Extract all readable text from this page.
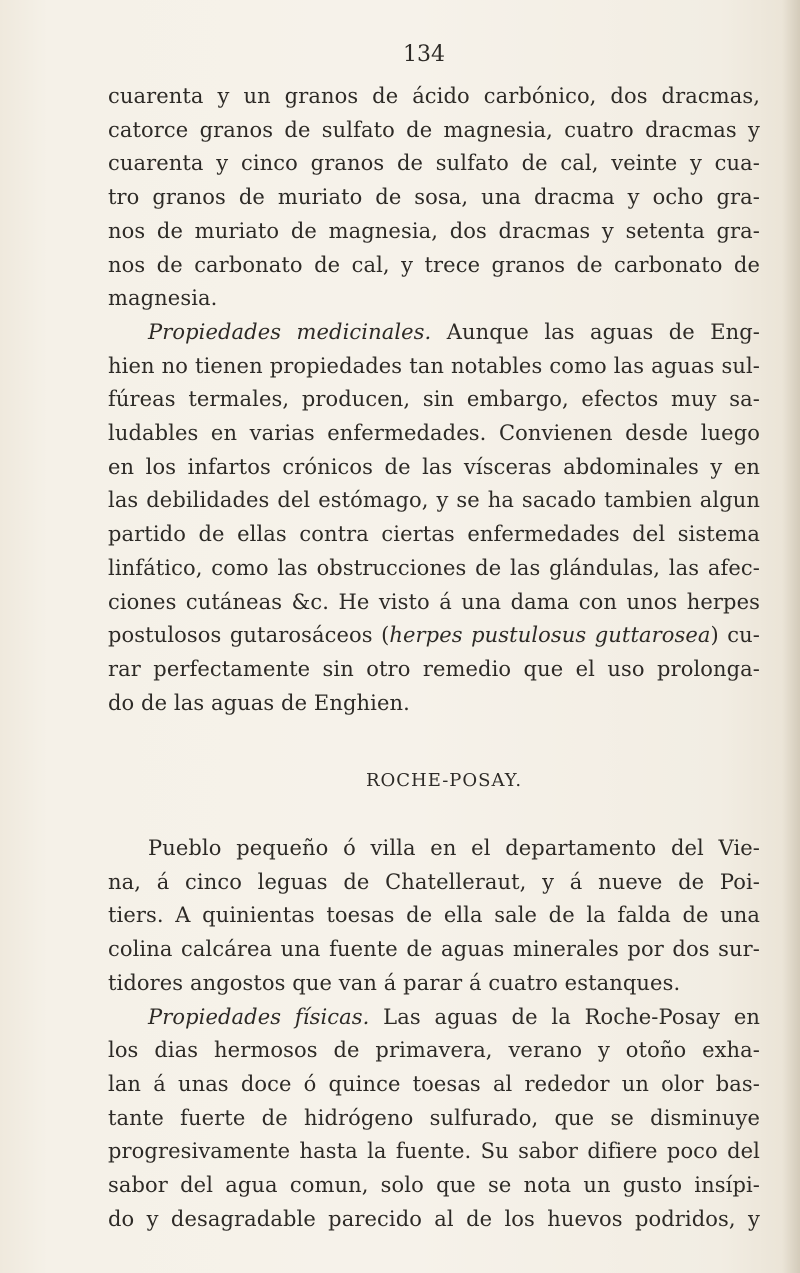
134
cuarenta y un granos de ácido carbónico, dos dracmas,
catorce granos de sulfato de magnesia, cuatro dracmas y
cuarenta y cinco granos de sulfato de cal, veinte y cua-
tro granos de muriato de sosa, una dracma y ocho gra-
nos de muriato de magnesia, dos dracmas y setenta gra-
nos de carbonato de cal, y trece granos de carbonato de
magnesia.
Propiedades medicinales. Aunque las aguas de Eng-
hien no tienen propiedades tan notables como las aguas sul-
fúreas termales, producen, sin embargo, efectos muy sa-
ludables en varias enfermedades. Convienen desde luego
en los infartos crónicos de las vísceras abdominales y en
las debilidades del estómago, y se ha sacado tambien algun
partido de ellas contra ciertas enfermedades del sistema
linfático, como las obstrucciones de las glándulas, las afec-
ciones cutáneas &c. He visto á una dama con unos herpes
postulosos gutarosáceos (herpes pustulosus guttarosea) cu-
rar perfectamente sin otro remedio que el uso prolonga-
do de las aguas de Enghien.
ROCHE-POSAY.
Pueblo pequeño ó villa en el departamento del Vie-
na, á cinco leguas de Chatelleraut, y á nueve de Poi-
tiers. A quinientas toesas de ella sale de la falda de una
colina calcárea una fuente de aguas minerales por dos sur-
tidores angostos que van á parar á cuatro estanques.
Propiedades físicas. Las aguas de la Roche-Posay en
los dias hermosos de primavera, verano y otoño exha-
lan á unas doce ó quince toesas al rededor un olor bas-
tante fuerte de hidrógeno sulfurado, que se disminuye
progresivamente hasta la fuente. Su sabor difiere poco del
sabor del agua comun, solo que se nota un gusto insípi-
do y desagradable parecido al de los huevos podridos, y
